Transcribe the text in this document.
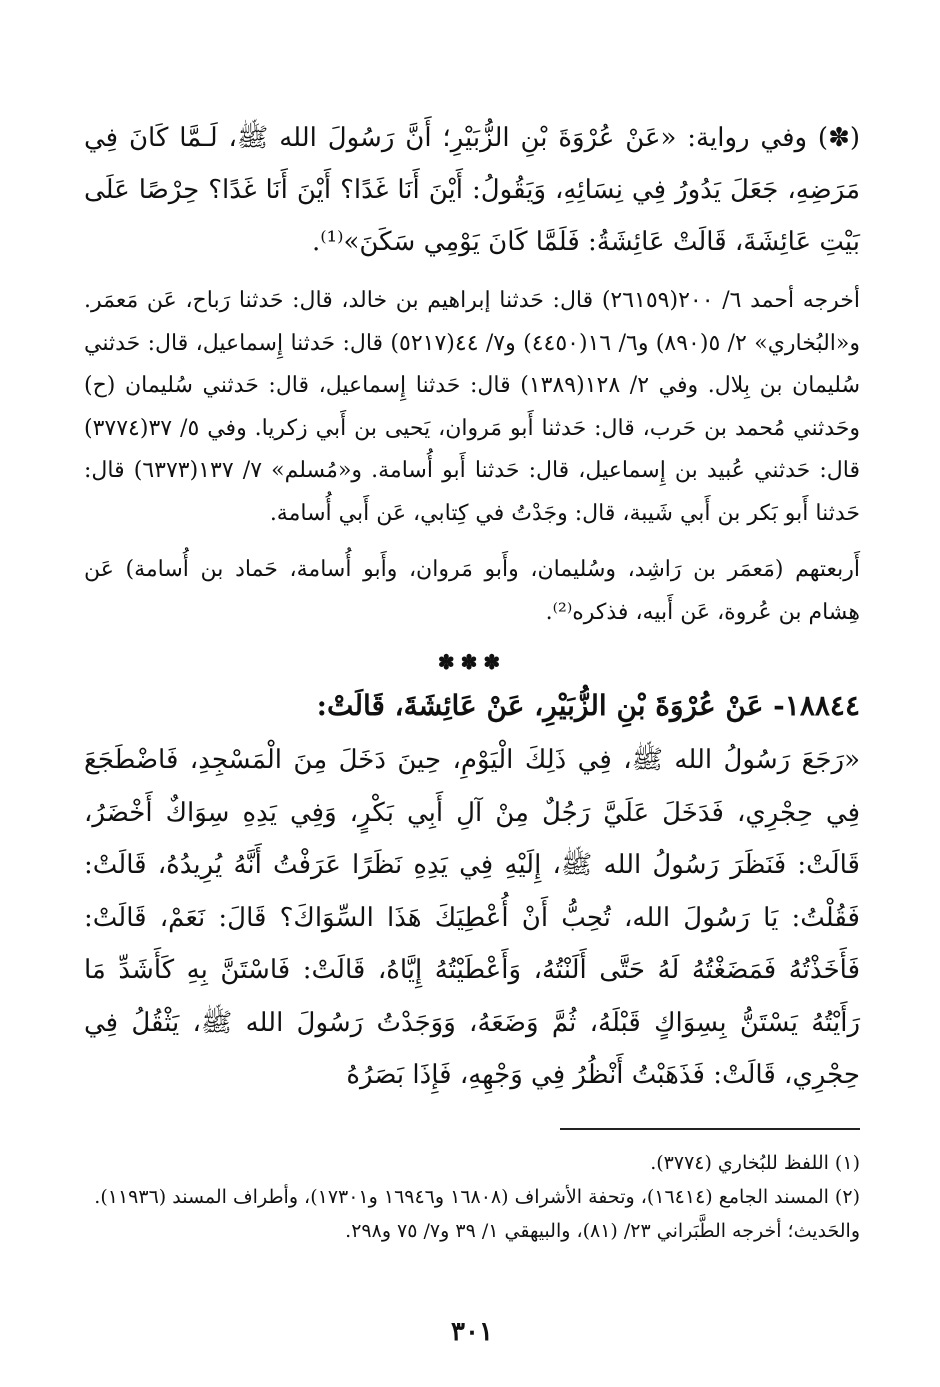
(✽) وفي رواية: «عَنْ عُرْوَةَ بْنِ الزُّبَيْرِ؛ أَنَّ رَسُولَ الله ﷺ، لَـمَّا كَانَ فِي مَرَضِهِ، جَعَلَ يَدُورُ فِي نِسَائِهِ، وَيَقُولُ: أَيْنَ أَنَا غَدًا؟ أَيْنَ أَنَا غَدًا؟ حِرْصًا عَلَى بَيْتِ عَائِشَةَ، قَالَتْ عَائِشَةُ: فَلَمَّا كَانَ يَوْمِي سَكَنَ»⁽¹⁾.

أخرجه أحمد ٦/ ٢٠٠(٢٦١٥٩) قال: حَدثنا إبراهيم بن خالد، قال: حَدثنا رَباح، عَن مَعمَر. و«البُخاري» ٢/ ٥(٨٩٠) و٦/ ١٦(٤٤٥٠) و٧/ ٤٤(٥٢١٧) قال: حَدثنا إِسماعيل، قال: حَدثني سُليمان بن بِلال. وفي ٢/ ١٢٨(١٣٨٩) قال: حَدثنا إِسماعيل، قال: حَدثني سُليمان (ح) وحَدثني مُحمد بن حَرب، قال: حَدثنا أَبو مَروان، يَحيى بن أَبي زكريا. وفي ٥/ ٣٧(٣٧٧٤) قال: حَدثني عُبيد بن إِسماعيل، قال: حَدثنا أَبو أُسامة. و«مُسلم» ٧/ ١٣٧(٦٣٧٣) قال: حَدثنا أَبو بَكر بن أَبي شَيبة، قال: وجَدْتُ في كِتابي، عَن أَبي أُسامة.

أَربعتهم (مَعمَر بن رَاشِد، وسُليمان، وأَبو مَروان، وأَبو أُسامة، حَماد بن أُسامة) عَن هِشام بن عُروة، عَن أَبيه، فذكره⁽²⁾.

✽✽✽

١٨٨٤٤- عَنْ عُرْوَةَ بْنِ الزُّبَيْرِ، عَنْ عَائِشَةَ، قَالَتْ:

«رَجَعَ رَسُولُ الله ﷺ، فِي ذَلِكَ الْيَوْمِ، حِينَ دَخَلَ مِنَ الْمَسْجِدِ، فَاضْطَجَعَ فِي حِجْرِي، فَدَخَلَ عَلَيَّ رَجُلٌ مِنْ آلِ أَبِي بَكْرٍ، وَفِي يَدِهِ سِوَاكٌ أَخْضَرُ، قَالَتْ: فَنَظَرَ رَسُولُ الله ﷺ، إِلَيْهِ فِي يَدِهِ نَظَرًا عَرَفْتُ أَنَّهُ يُرِيدُهُ، قَالَتْ: فَقُلْتُ: يَا رَسُولَ الله، تُحِبُّ أَنْ أُعْطِيَكَ هَذَا السِّوَاكَ؟ قَالَ: نَعَمْ، قَالَتْ: فَأَخَذْتُهُ فَمَضَغْتُهُ لَهُ حَتَّى أَلَنْتُهُ، وَأَعْطَيْتُهُ إِيَّاهُ، قَالَتْ: فَاسْتَنَّ بِهِ كَأَشَدِّ مَا رَأَيْتُهُ يَسْتَنُّ بِسِوَاكٍ قَبْلَهُ، ثُمَّ وَضَعَهُ، وَوَجَدْتُ رَسُولَ الله ﷺ، يَثْقُلُ فِي حِجْرِي، قَالَتْ: فَذَهَبْتُ أَنْظُرُ فِي وَجْهِهِ، فَإِذَا بَصَرُهُ

(١) اللفظ للبُخاري (٣٧٧٤).

(٢) المسند الجامع (١٦٤١٤)، وتحفة الأشراف (١٦٨٠٨ و١٦٩٤٦ و١٧٣٠١)، وأطراف المسند (١١٩٣٦).

والحَديث؛ أخرجه الطَّبَراني ٢٣/ (٨١)، والبيهقي ١/ ٣٩ و٧/ ٧٥ و٢٩٨.

٣٠١
